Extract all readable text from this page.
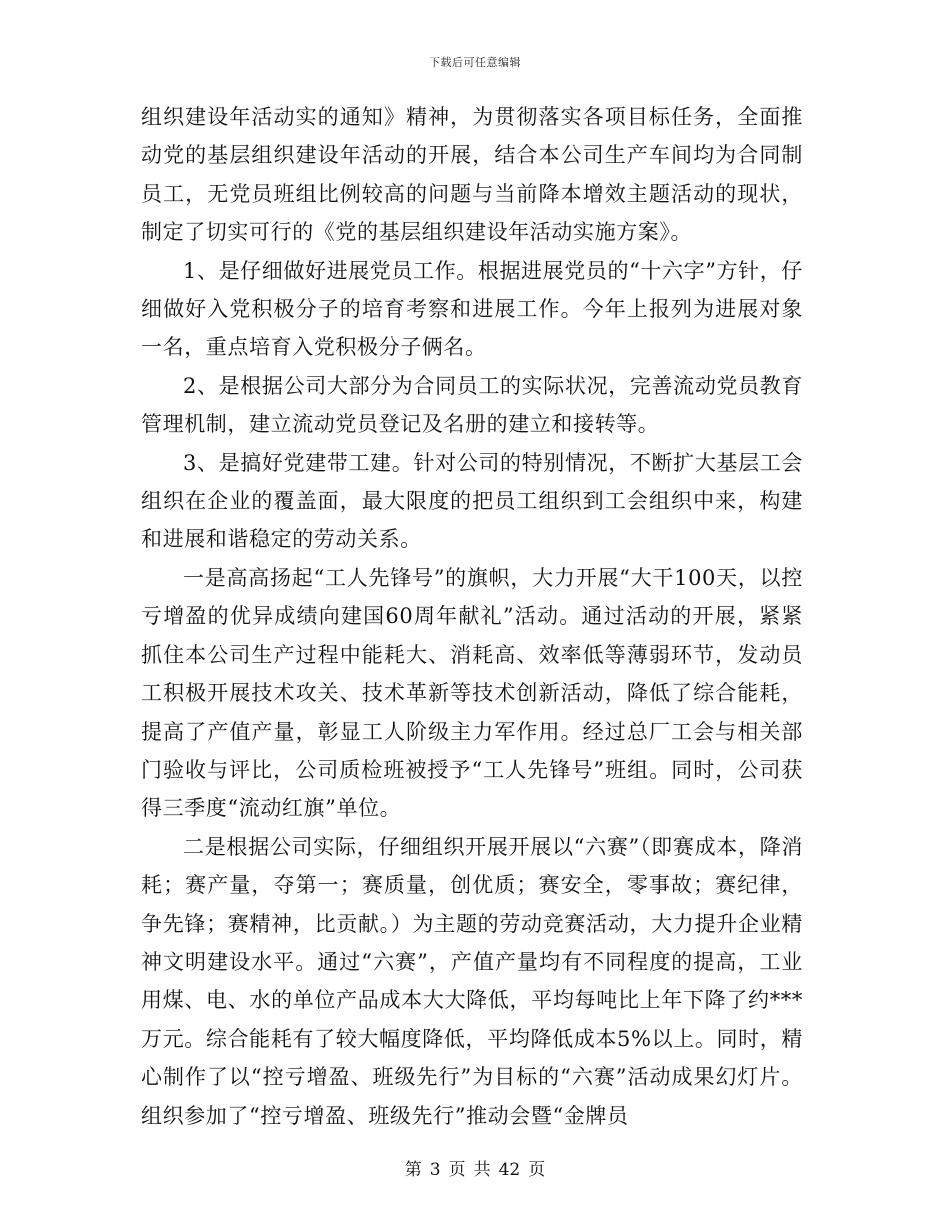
下载后可任意编辑

组织建设年活动实的通知》精神，为贯彻落实各项目标任务，全面推动党的基层组织建设年活动的开展，结合本公司生产车间均为合同制员工，无党员班组比例较高的问题与当前降本增效主题活动的现状，制定了切实可行的《党的基层组织建设年活动实施方案》。

1、是仔细做好进展党员工作。根据进展党员的“十六字”方针，仔细做好入党积极分子的培育考察和进展工作。今年上报列为进展对象一名，重点培育入党积极分子俩名。

2、是根据公司大部分为合同员工的实际状况，完善流动党员教育管理机制，建立流动党员登记及名册的建立和接转等。

3、是搞好党建带工建。针对公司的特别情况，不断扩大基层工会组织在企业的覆盖面，最大限度的把员工组织到工会组织中来，构建和进展和谐稳定的劳动关系。

一是高高扬起“工人先锋号”的旗帜，大力开展“大干100天，以控亏增盈的优异成绩向建国60周年献礼”活动。通过活动的开展，紧紧抓住本公司生产过程中能耗大、消耗高、效率低等薄弱环节，发动员工积极开展技术攻关、技术革新等技术创新活动，降低了综合能耗，提高了产值产量，彰显工人阶级主力军作用。经过总厂工会与相关部门验收与评比，公司质检班被授予“工人先锋号”班组。同时，公司获得三季度“流动红旗”单位。

二是根据公司实际，仔细组织开展开展以“六赛”（即赛成本，降消耗；赛产量，夺第一；赛质量，创优质；赛安全，零事故；赛纪律，争先锋；赛精神，比贡献。）为主题的劳动竞赛活动，大力提升企业精神文明建设水平。通过“六赛”，产值产量均有不同程度的提高，工业用煤、电、水的单位产品成本大大降低，平均每吨比上年下降了约***万元。综合能耗有了较大幅度降低，平均降低成本5%以上。同时，精心制作了以“控亏增盈、班级先行”为目标的“六赛”活动成果幻灯片。组织参加了“控亏增盈、班级先行”推动会暨“金牌员

第 3 页 共 42 页
